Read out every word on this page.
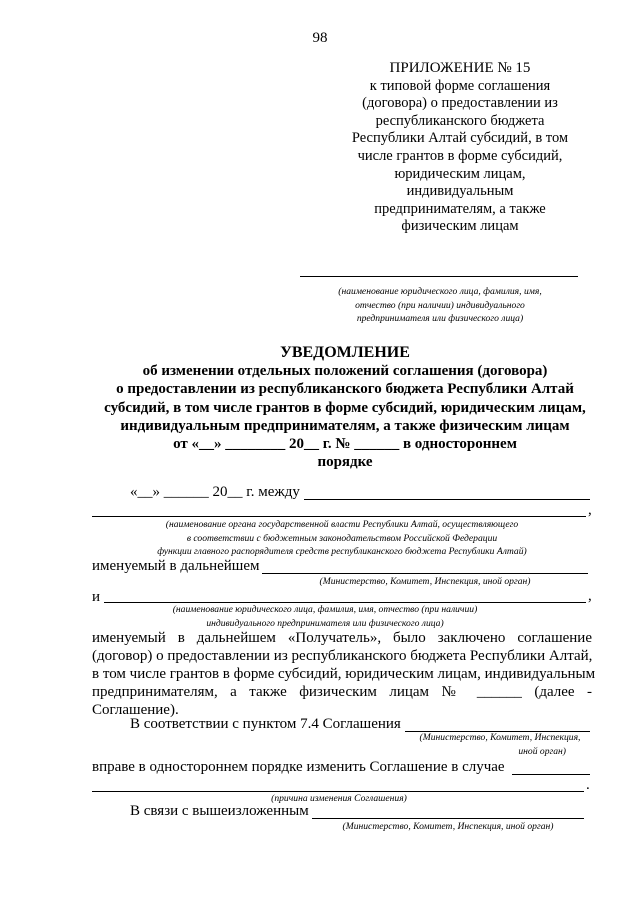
98
ПРИЛОЖЕНИЕ № 15
к типовой форме соглашения
(договора) о предоставлении из
республиканского бюджета
Республики Алтай субсидий, в том
числе грантов в форме субсидий,
юридическим лицам,
индивидуальным
предпринимателям, а также
физическим лицам
(наименование юридического лица, фамилия, имя,
отчество (при наличии) индивидуального
предпринимателя или физического лица)
УВЕДОМЛЕНИЕ
об изменении отдельных положений соглашения (договора)
о предоставлении из республиканского бюджета Республики Алтай
субсидий, в том числе грантов в форме субсидий, юридическим лицам,
индивидуальным предпринимателям, а также физическим лицам
от «__» ________ 20__ г. № ______ в одностороннем
порядке
«__» ______ 20__ г. между
,
(наименование органа государственной власти Республики Алтай, осуществляющего
в соответствии с бюджетным законодательством Российской Федерации
функции главного распорядителя средств республиканского бюджета Республики Алтай)
именуемый в дальнейшем
(Министерство, Комитет, Инспекция, иной орган)
и	,
(наименование юридического лица, фамилия, имя, отчество (при наличии)
индивидуального предпринимателя или физического лица)
именуемый в дальнейшем «Получатель», было заключено соглашение
(договор) о предоставлении из республиканского бюджета Республики Алтай,
в том числе грантов в форме субсидий, юридическим лицам, индивидуальным
предпринимателям, а также физическим лицам № ______ (далее -
Соглашение).
В соответствии с пунктом 7.4 Соглашения
(Министерство, Комитет, Инспекция,
иной орган)
вправе в одностороннем порядке изменить Соглашение в случае
.
(причина изменения Соглашения)
В связи с вышеизложенным
(Министерство, Комитет, Инспекция, иной орган)
